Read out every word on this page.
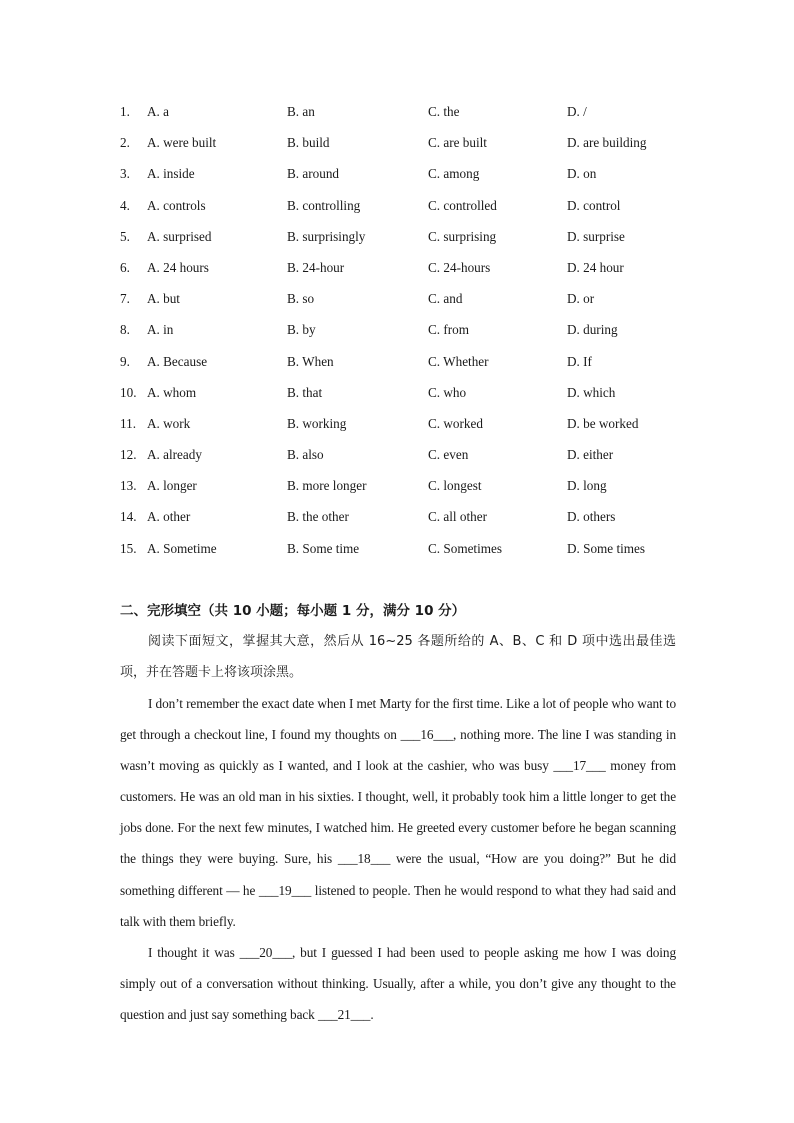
1. A. a	B. an	C. the	D. /
2. A. were built	B. build	C. are built	D. are building
3. A. inside	B. around	C. among	D. on
4. A. controls	B. controlling	C. controlled	D. control
5. A. surprised	B. surprisingly	C. surprising	D. surprise
6. A. 24 hours	B. 24-hour	C. 24-hours	D. 24 hour
7. A. but	B. so	C. and	D. or
8. A. in	B. by	C. from	D. during
9. A. Because	B. When	C. Whether	D. If
10. A. whom	B. that	C. who	D. which
11. A. work	B. working	C. worked	D. be worked
12. A. already	B. also	C. even	D. either
13. A. longer	B. more longer	C. longest	D. long
14. A. other	B. the other	C. all other	D. others
15. A. Sometime	B. Some time	C. Sometimes	D. Some times

二、完形填空（共 10 小题；每小题 1 分，满分 10 分）

阅读下面短文，掌握其大意，然后从 16~25 各题所给的 A、B、C 和 D 项中选出最佳选项，并在答题卡上将该项涂黑。

I don’t remember the exact date when I met Marty for the first time. Like a lot of people who want to get through a checkout line, I found my thoughts on ___16___, nothing more. The line I was standing in wasn’t moving as quickly as I wanted, and I look at the cashier, who was busy ___17___ money from customers. He was an old man in his sixties. I thought, well, it probably took him a little longer to get the jobs done. For the next few minutes, I watched him. He greeted every customer before he began scanning the things they were buying. Sure, his ___18___ were the usual, “How are you doing?” But he did something different — he ___19___ listened to people. Then he would respond to what they had said and talk with them briefly.

I thought it was ___20___, but I guessed I had been used to people asking me how I was doing simply out of a conversation without thinking. Usually, after a while, you don’t give any thought to the question and just say something back ___21___.
